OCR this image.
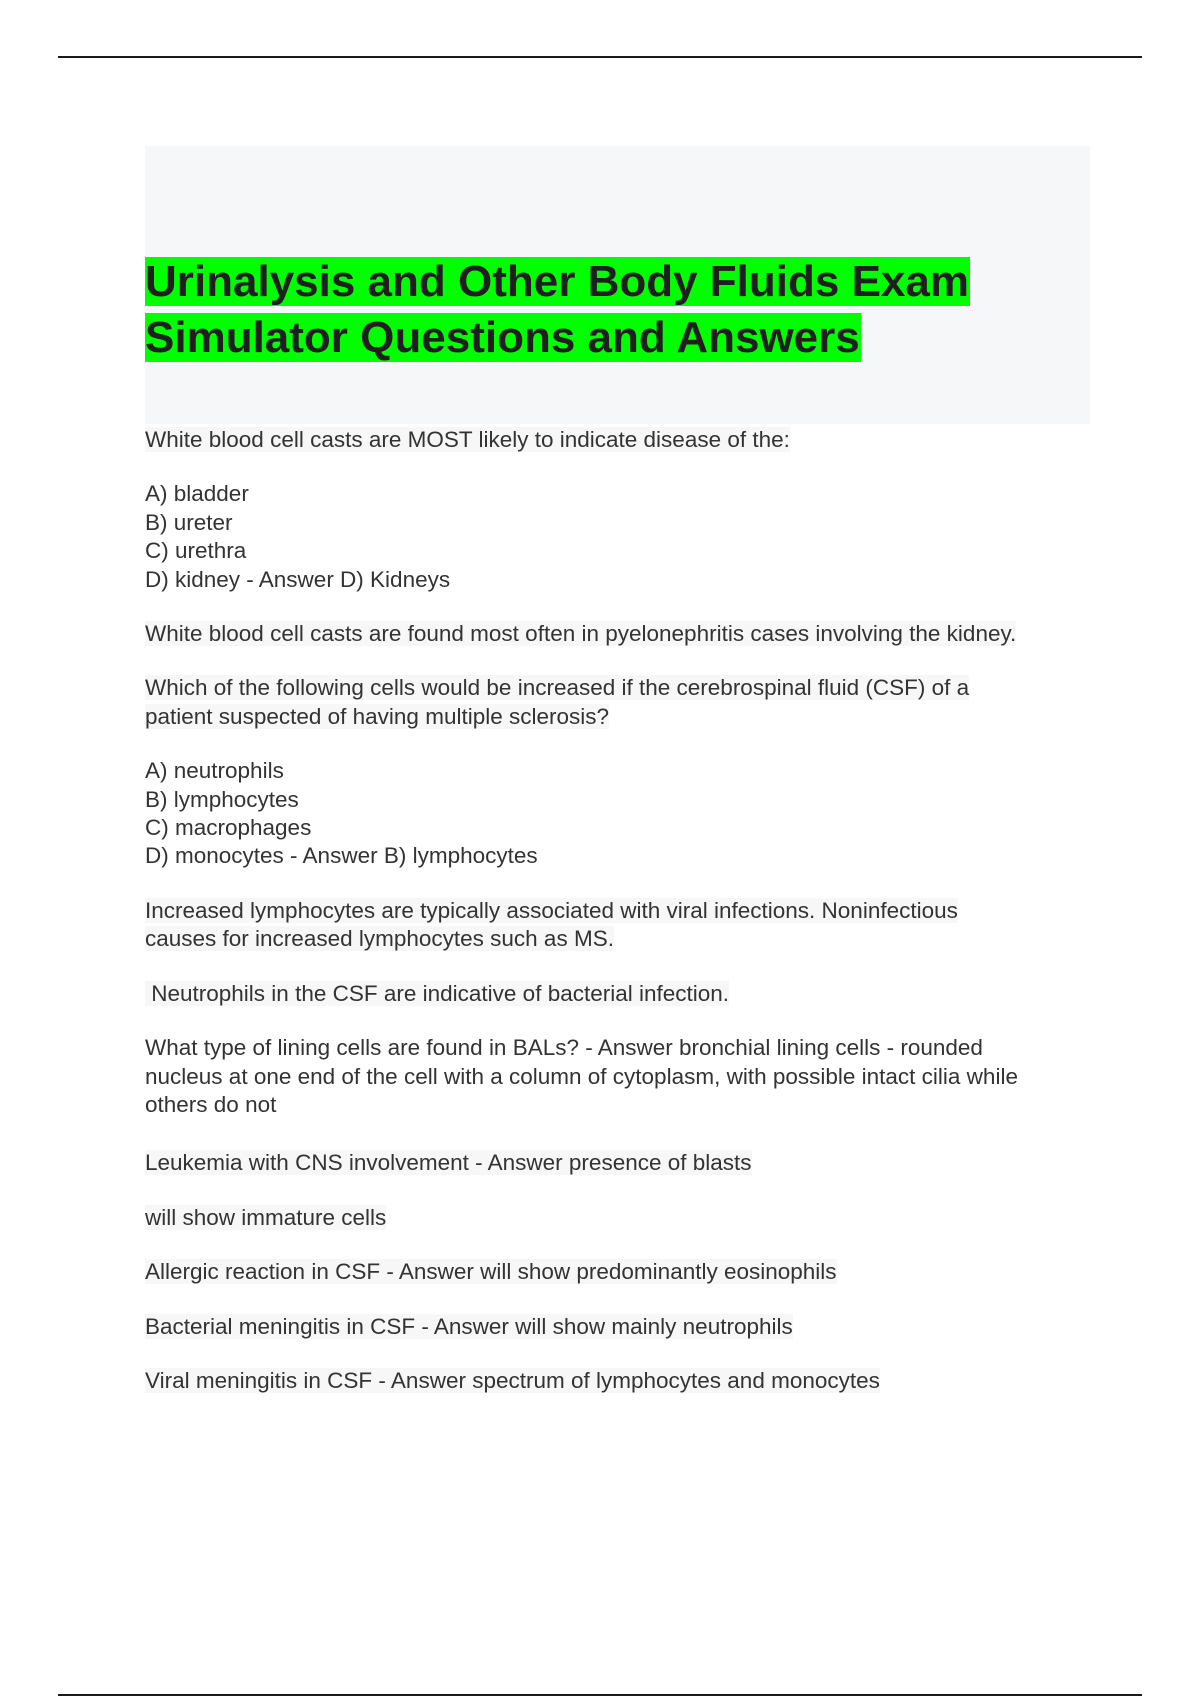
Urinalysis and Other Body Fluids Exam
Simulator Questions and Answers

White blood cell casts are MOST likely to indicate disease of the:

A) bladder
B) ureter
C) urethra
D) kidney - Answer D) Kidneys

White blood cell casts are found most often in pyelonephritis cases involving the kidney.

Which of the following cells would be increased if the cerebrospinal fluid (CSF) of a
patient suspected of having multiple sclerosis?
A) neutrophils
B) lymphocytes
C) macrophages
D) monocytes - Answer B) lymphocytes
Increased lymphocytes are typically associated with viral infections. Noninfectious
causes for increased lymphocytes such as MS.

Neutrophils in the CSF are indicative of bacterial infection.

What type of lining cells are found in BALs? - Answer bronchial lining cells - rounded
nucleus at one end of the cell with a column of cytoplasm, with possible intact cilia while
others do not

Leukemia with CNS involvement - Answer presence of blasts

will show immature cells

Allergic reaction in CSF - Answer will show predominantly eosinophils

Bacterial meningitis in CSF - Answer will show mainly neutrophils

Viral meningitis in CSF - Answer spectrum of lymphocytes and monocytes
